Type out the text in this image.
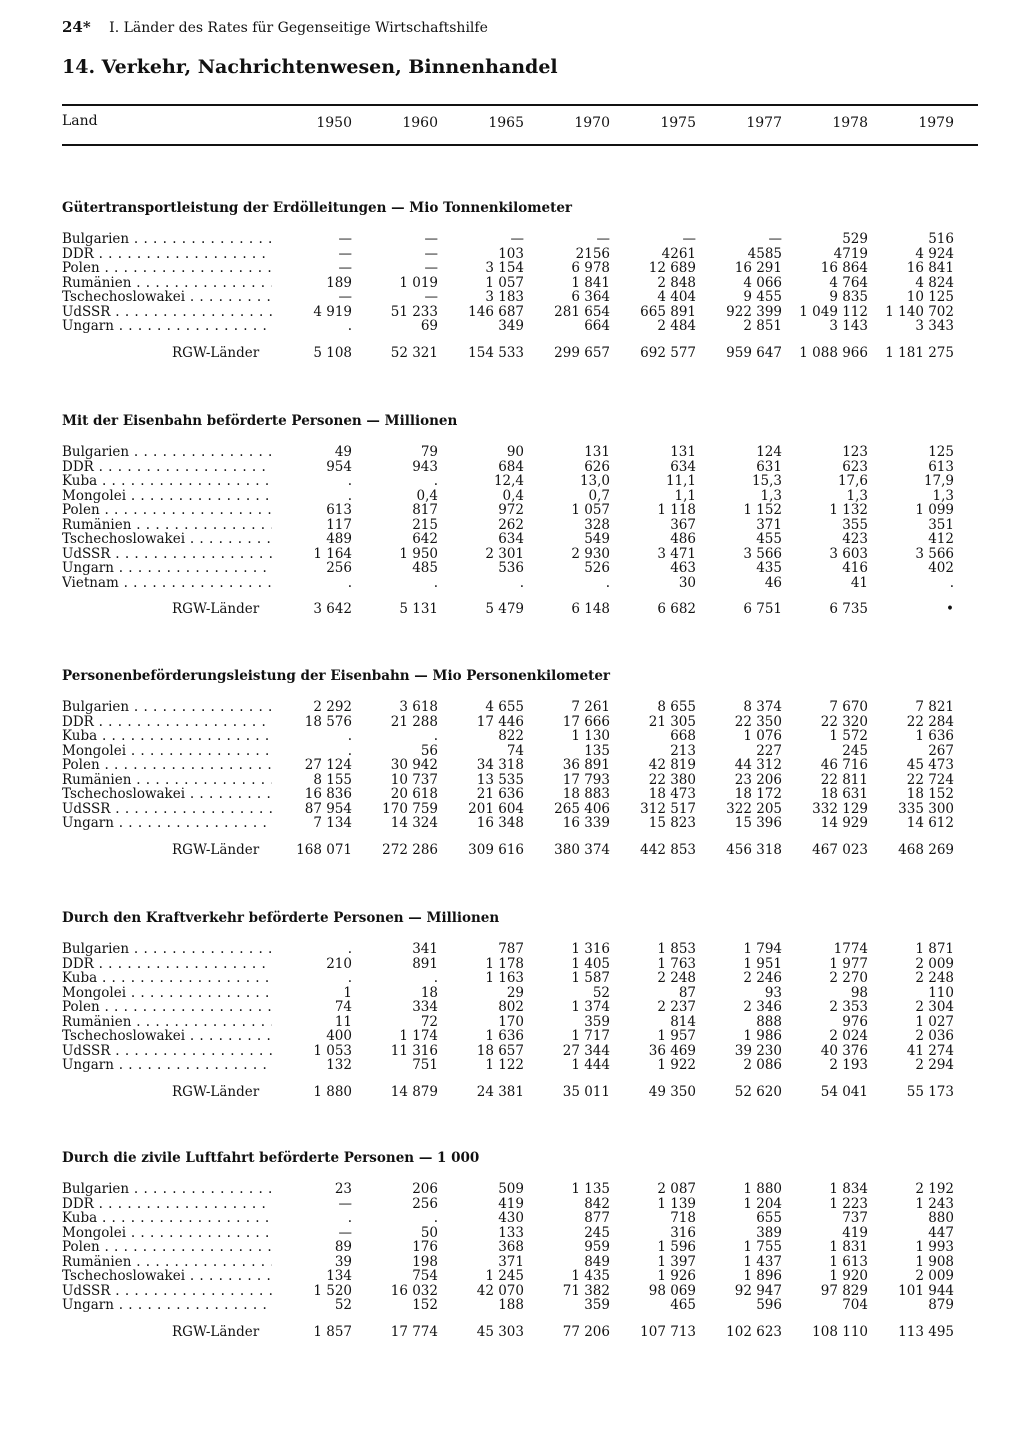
24* I. Länder des Rates für Gegenseitige Wirtschaftshilfe
14. Verkehr, Nachrichtenwesen, Binnenhandel
Land	1950	1960	1965	1970	1975	1977	1978	1979
Gütertransportleistung der Erdölleitungen — Mio Tonnenkilometer
Bulgarien . . .	—	—	—	—	—	—	529	516
DDR . . .	—	—	103	2156	4261	4585	4719	4 924
Polen . . .	—	—	3 154	6 978	12 689	16 291	16 864	16 841
Rumänien . . .	189	1 019	1 057	1 841	2 848	4 066	4 764	4 824
Tschechoslowakei . . .	—	—	3 183	6 364	4 404	9 455	9 835	10 125
UdSSR . . .	4 919	51 233	146 687	281 654	665 891	922 399	1 049 112	1 140 702
Ungarn . . .	.	69	349	664	2 484	2 851	3 143	3 343
RGW-Länder	5 108	52 321	154 533	299 657	692 577	959 647	1 088 966	1 181 275
Mit der Eisenbahn beförderte Personen — Millionen
Bulgarien . . .	49	79	90	131	131	124	123	125
DDR . . .	954	943	684	626	634	631	623	613
Kuba . . .	.	.	12,4	13,0	11,1	15,3	17,6	17,9
Mongolei . . .	.	0,4	0,4	0,7	1,1	1,3	1,3	1,3
Polen . . .	613	817	972	1 057	1 118	1 152	1 132	1 099
Rumänien . . .	117	215	262	328	367	371	355	351
Tschechoslowakei . . .	489	642	634	549	486	455	423	412
UdSSR . . .	1 164	1 950	2 301	2 930	3 471	3 566	3 603	3 566
Ungarn . . .	256	485	536	526	463	435	416	402
Vietnam . . .	.	.	.	.	30	46	41	.
RGW-Länder	3 642	5 131	5 479	6 148	6 682	6 751	6 735	•
Personenbeförderungsleistung der Eisenbahn — Mio Personenkilometer
Bulgarien . . .	2 292	3 618	4 655	7 261	8 655	8 374	7 670	7 821
DDR . . .	18 576	21 288	17 446	17 666	21 305	22 350	22 320	22 284
Kuba . . .	.	.	822	1 130	668	1 076	1 572	1 636
Mongolei . . .	.	56	74	135	213	227	245	267
Polen . . .	27 124	30 942	34 318	36 891	42 819	44 312	46 716	45 473
Rumänien . . .	8 155	10 737	13 535	17 793	22 380	23 206	22 811	22 724
Tschechoslowakei . . .	16 836	20 618	21 636	18 883	18 473	18 172	18 631	18 152
UdSSR . . .	87 954	170 759	201 604	265 406	312 517	322 205	332 129	335 300
Ungarn . . .	7 134	14 324	16 348	16 339	15 823	15 396	14 929	14 612
RGW-Länder	168 071	272 286	309 616	380 374	442 853	456 318	467 023	468 269
Durch den Kraftverkehr beförderte Personen — Millionen
Bulgarien . . .	.	341	787	1 316	1 853	1 794	1774	1 871
DDR . . .	210	891	1 178	1 405	1 763	1 951	1 977	2 009
Kuba . . .	.	.	1 163	1 587	2 248	2 246	2 270	2 248
Mongolei . . .	1	18	29	52	87	93	98	110
Polen . . .	74	334	802	1 374	2 237	2 346	2 353	2 304
Rumänien . . .	11	72	170	359	814	888	976	1 027
Tschechoslowakei . . .	400	1 174	1 636	1 717	1 957	1 986	2 024	2 036
UdSSR . . .	1 053	11 316	18 657	27 344	36 469	39 230	40 376	41 274
Ungarn . . .	132	751	1 122	1 444	1 922	2 086	2 193	2 294
RGW-Länder	1 880	14 879	24 381	35 011	49 350	52 620	54 041	55 173
Durch die zivile Luftfahrt beförderte Personen — 1 000
Bulgarien . . .	23	206	509	1 135	2 087	1 880	1 834	2 192
DDR . . .	—	256	419	842	1 139	1 204	1 223	1 243
Kuba . . .	.	.	430	877	718	655	737	880
Mongolei . . .	—	50	133	245	316	389	419	447
Polen . . .	89	176	368	959	1 596	1 755	1 831	1 993
Rumänien . . .	39	198	371	849	1 397	1 437	1 613	1 908
Tschechoslowakei . . .	134	754	1 245	1 435	1 926	1 896	1 920	2 009
UdSSR . . .	1 520	16 032	42 070	71 382	98 069	92 947	97 829	101 944
Ungarn . . .	52	152	188	359	465	596	704	879
RGW-Länder	1 857	17 774	45 303	77 206	107 713	102 623	108 110	113 495
